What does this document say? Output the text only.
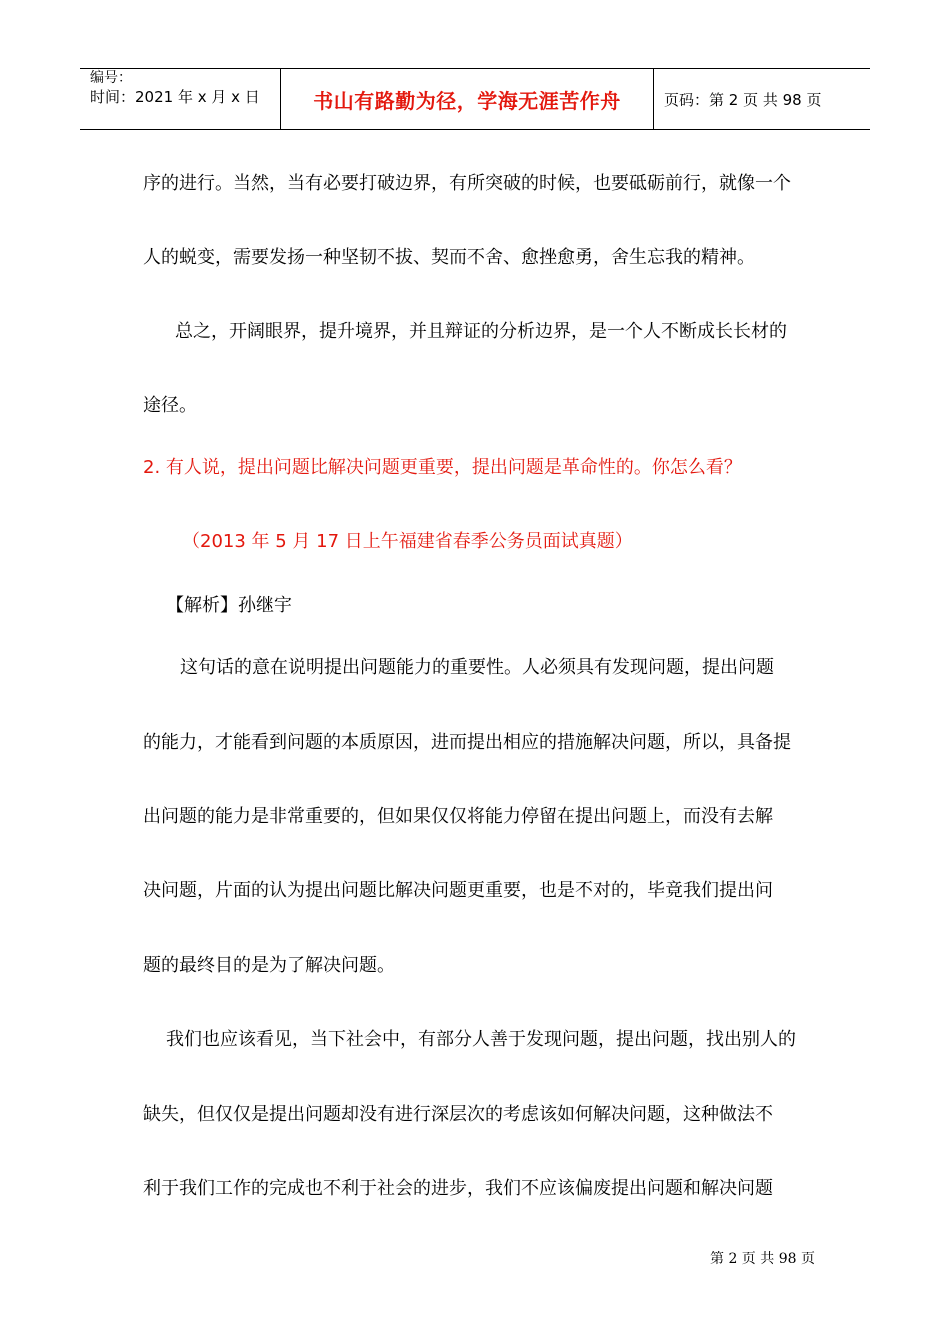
编号：
时间：2021 年 x 月 x 日	书山有路勤为径，学海无涯苦作舟	页码：第 2 页 共 98 页
序的进行。当然，当有必要打破边界，有所突破的时候，也要砥砺前行，就像一个
人的蜕变，需要发扬一种坚韧不拔、契而不舍、愈挫愈勇，舍生忘我的精神。
总之，开阔眼界，提升境界，并且辩证的分析边界，是一个人不断成长长材的
途径。
2. 有人说，提出问题比解决问题更重要，提出问题是革命性的。你怎么看？
（2013 年 5 月 17 日上午福建省春季公务员面试真题）
【解析】孙继宇
这句话的意在说明提出问题能力的重要性。人必须具有发现问题，提出问题
的能力，才能看到问题的本质原因，进而提出相应的措施解决问题，所以，具备提
出问题的能力是非常重要的，但如果仅仅将能力停留在提出问题上，而没有去解
决问题，片面的认为提出问题比解决问题更重要，也是不对的，毕竟我们提出问
题的最终目的是为了解决问题。
我们也应该看见，当下社会中，有部分人善于发现问题，提出问题，找出别人的
缺失，但仅仅是提出问题却没有进行深层次的考虑该如何解决问题，这种做法不
利于我们工作的完成也不利于社会的进步，我们不应该偏废提出问题和解决问题
第 2 页 共 98 页
